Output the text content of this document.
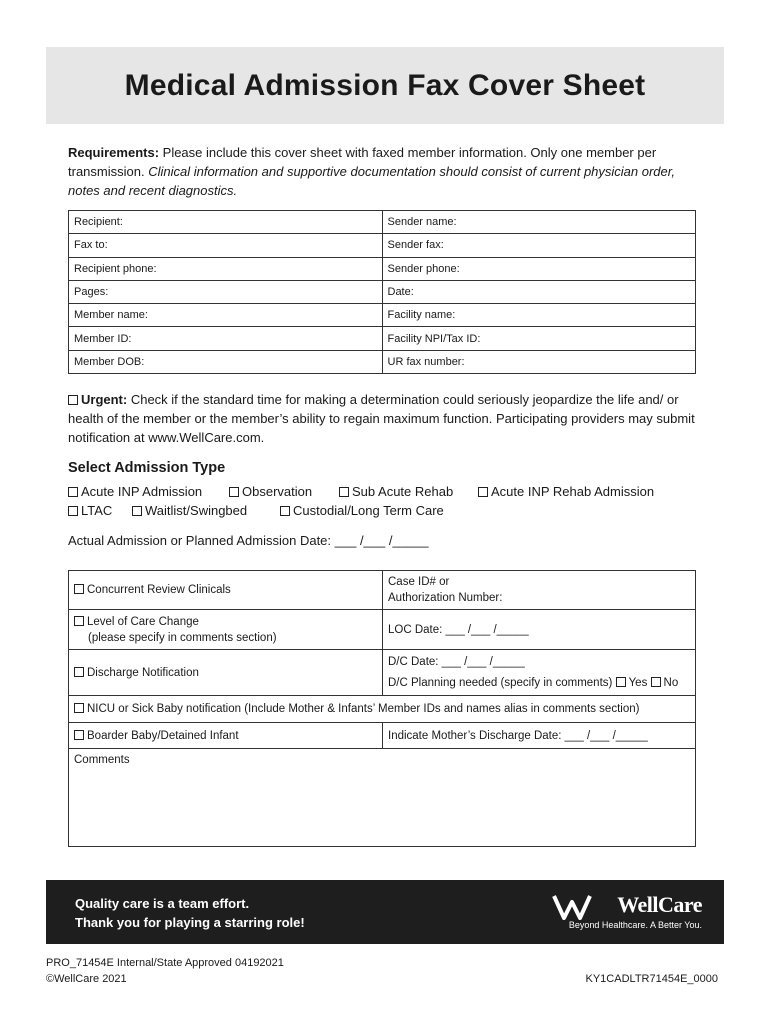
Medical Admission Fax Cover Sheet

Requirements: Please include this cover sheet with faxed member information. Only one member per transmission. Clinical information and supportive documentation should consist of current physician order, notes and recent diagnostics.

Recipient:	Sender name:
Fax to:	Sender fax:
Recipient phone:	Sender phone:
Pages:	Date:
Member name:	Facility name:
Member ID:	Facility NPI/Tax ID:
Member DOB:	UR fax number:

Urgent: Check if the standard time for making a determination could seriously jeopardize the life and/ or health of the member or the member’s ability to regain maximum function. Participating providers may submit notification at www.WellCare.com.

Select Admission Type
Acute INP Admission	Observation	Sub Acute Rehab	Acute INP Rehab Admission
LTAC	Waitlist/Swingbed	Custodial/Long Term Care
Actual Admission or Planned Admission Date: ___ /___ /_____
Concurrent Review Clinicals	Case ID# or
Authorization Number:

Level of Care Change
(please specify in comments section)	LOC Date: ___ /___ /_____
Discharge Notification	D/C Date: ___ /___ /_____
D/C Planning needed (specify in comments) Yes No

NICU or Sick Baby notification (Include Mother & Infants’ Member IDs and names alias in comments section)	
Boarder Baby/Detained Infant	Indicate Mother’s Discharge Date: ___ /___ /_____
Comments	
Quality care is a team effort.
Thank you for playing a starring role!
WellCare
Beyond Healthcare. A Better You.
PRO_71454E Internal/State Approved 04192021
©WellCare 2021	KY1CADLTR71454E_0000
